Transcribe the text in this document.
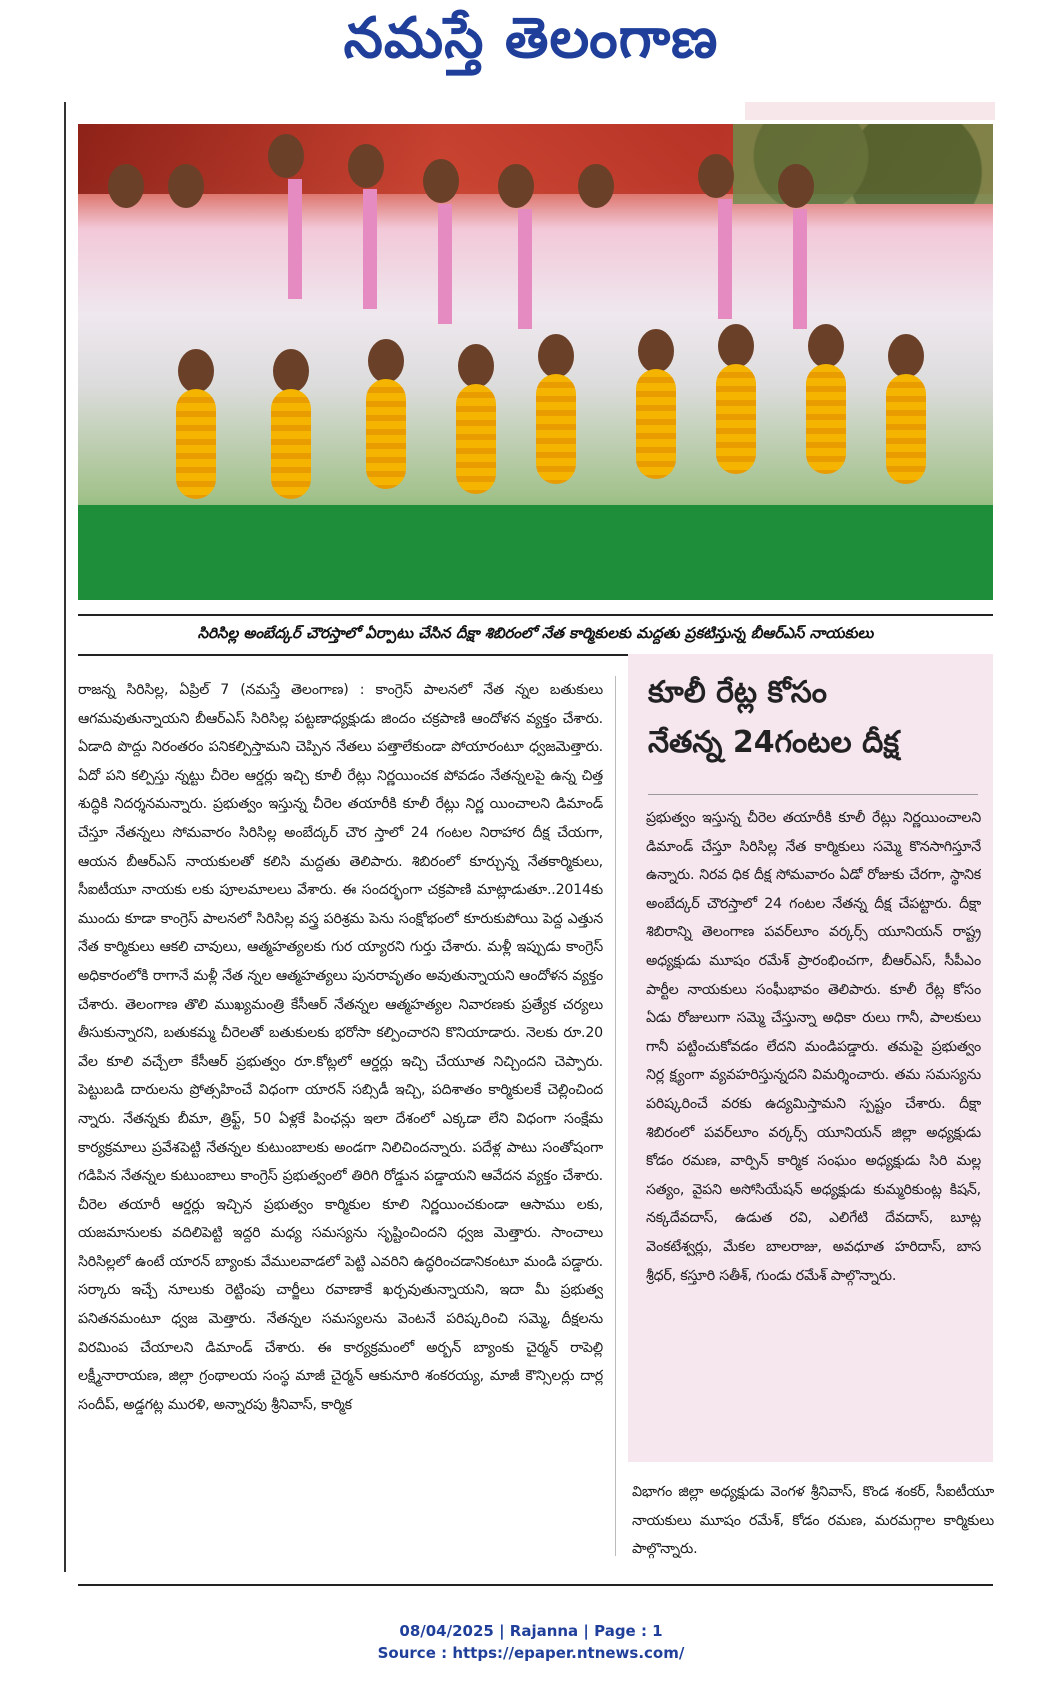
నమస్తే తెలంగాణ
సిరిసిల్ల అంబేద్కర్ చౌరస్తాలో ఏర్పాటు చేసిన దీక్షా శిబిరంలో నేత కార్మికులకు మద్దతు ప్రకటిస్తున్న బీఆర్ఎస్ నాయకులు
రాజన్న సిరిసిల్ల, ఏప్రిల్ 7 (నమస్తే తెలంగాణ) : కాంగ్రెస్ పాలనలో నేత న్నల బతుకులు ఆగమవుతున్నాయని బీఆర్ఎస్ సిరిసిల్ల పట్టణాధ్యక్షుడు జిందం చక్రపాణి ఆందోళన వ్యక్తం చేశారు. ఏడాది పొద్దు నిరంతరం పనికల్పిస్తామని చెప్పిన నేతలు పత్తాలేకుండా పోయారంటూ ధ్వజమెత్తారు. ఏదో పని కల్పిస్తు న్నట్టు చీరెల ఆర్డర్లు ఇచ్చి కూలీ రేట్లు నిర్ణయించక పోవడం నేతన్నలపై ఉన్న చిత్త శుద్ధికి నిదర్శనమన్నారు. ప్రభుత్వం ఇస్తున్న చీరెల తయారీకి కూలీ రేట్లు నిర్ణ యించాలని డిమాండ్ చేస్తూ నేతన్నలు సోమవారం సిరిసిల్ల అంబేద్కర్ చౌర స్తాలో 24 గంటల నిరాహార దీక్ష చేయగా, ఆయన బీఆర్ఎస్ నాయకులతో కలిసి మద్దతు తెలిపారు. శిబిరంలో కూర్చున్న నేతకార్మికులు, సీఐటీయూ నాయకు లకు పూలమాలలు వేశారు. ఈ సందర్భంగా చక్రపాణి మాట్లాడుతూ..2014కు ముందు కూడా కాంగ్రెస్ పాలనలో సిరిసిల్ల వస్త్ర పరిశ్రమ పెను సంక్షోభంలో కూరుకుపోయి పెద్ద ఎత్తున నేత కార్మికులు ఆకలి చావులు, ఆత్మహత్యలకు గుర య్యారని గుర్తు చేశారు. మళ్లీ ఇప్పుడు కాంగ్రెస్ అధికారంలోకి రాగానే మళ్లీ నేత న్నల ఆత్మహత్యలు పునరావృతం అవుతున్నాయని ఆందోళన వ్యక్తం చేశారు. తెలంగాణ తొలి ముఖ్యమంత్రి కేసీఆర్ నేతన్నల ఆత్మహత్యల నివారణకు ప్రత్యేక చర్యలు తీసుకున్నారని, బతుకమ్మ చీరెలతో బతుకులకు భరోసా కల్పించారని కొనియాడారు. నెలకు రూ.20 వేల కూలి వచ్చేలా కేసీఆర్ ప్రభుత్వం రూ.కోట్లలో ఆర్డర్లు ఇచ్చి చేయూత నిచ్చిందని చెప్పారు. పెట్టుబడి దారులను ప్రోత్సహించే విధంగా యారన్ సబ్సిడీ ఇచ్చి, పదిశాతం కార్మికులకే చెల్లించింద న్నారు. నేతన్నకు బీమా, త్రిఫ్ట్, 50 ఏళ్లకే పింఛన్లు ఇలా దేశంలో ఎక్కడా లేని విధంగా సంక్షేమ కార్యక్రమాలు ప్రవేశపెట్టి నేతన్నల కుటుంబాలకు అండగా నిలిచిందన్నారు. పదేళ్ల పాటు సంతోషంగా గడిపిన నేతన్నల కుటుంబాలు కాంగ్రెస్ ప్రభుత్వంలో తిరిగి రోడ్డున పడ్డాయని ఆవేదన వ్యక్తం చేశారు. చీరెల తయారీ ఆర్డర్లు ఇచ్చిన ప్రభుత్వం కార్మికుల కూలి నిర్ణయించకుండా ఆసాము లకు, యజమానులకు వదిలిపెట్టి ఇద్దరి మధ్య సమస్యను సృష్టించిందని ధ్వజ మెత్తారు. సాంచాలు సిరిసిల్లలో ఉంటే యారన్ బ్యాంకు వేములవాడలో పెట్టి ఎవరిని ఉద్ధరించడానికంటూ మండి పడ్డారు. సర్కారు ఇచ్చే నూలుకు రెట్టింపు చార్జీలు రవాణాకే ఖర్చవుతున్నాయని, ఇదా మీ ప్రభుత్వ పనితనమంటూ ధ్వజ మెత్తారు. నేతన్నల సమస్యలను వెంటనే పరిష్కరించి సమ్మె, దీక్షలను విరమింప చేయాలని డిమాండ్ చేశారు. ఈ కార్యక్రమంలో అర్బన్ బ్యాంకు చైర్మన్ రాపెల్లి లక్ష్మీనారాయణ, జిల్లా గ్రంథాలయ సంస్థ మాజీ చైర్మన్ ఆకునూరి శంకరయ్య, మాజీ కౌన్సిలర్లు దార్ల సందీప్, అడ్డగట్ల మురళి, అన్నారపు శ్రీనివాస్, కార్మిక
కూలీ రేట్ల కోసం
నేతన్న 24గంటల దీక్ష
ప్రభుత్వం ఇస్తున్న చీరెల తయారీకి కూలీ రేట్లు నిర్ణయించాలని డిమాండ్ చేస్తూ సిరిసిల్ల నేత కార్మికులు సమ్మె కొనసాగిస్తూనే ఉన్నారు. నిరవ ధిక దీక్ష సోమవారం ఏడో రోజుకు చేరగా, స్థానిక అంబేద్కర్ చౌరస్తాలో 24 గంటల నేతన్న దీక్ష చేపట్టారు. దీక్షా శిబిరాన్ని తెలంగాణ పవర్‌లూం వర్కర్స్ యూనియన్ రాష్ట్ర అధ్యక్షుడు మూషం రమేశ్ ప్రారంభించగా, బీఆర్ఎస్, సీపీఎం పార్టీల నాయకులు సంఘీభావం తెలిపారు. కూలీ రేట్ల కోసం ఏడు రోజులుగా సమ్మె చేస్తున్నా అధికా రులు గానీ, పాలకులు గానీ పట్టించుకోవడం లేదని మండిపడ్డారు. తమపై ప్రభుత్వం నిర్ల క్ష్యంగా వ్యవహరిస్తున్నదని విమర్శించారు. తమ సమస్యను పరిష్కరించే వరకు ఉద్యమిస్తామని స్పష్టం చేశారు. దీక్షా శిబిరంలో పవర్‌లూం వర్కర్స్ యూనియన్ జిల్లా అధ్యక్షుడు కోడం రమణ, వార్పిన్ కార్మిక సంఘం అధ్యక్షుడు సిరి మల్ల సత్యం, వైపని అసోసియేషన్ అధ్యక్షుడు కుమ్మరికుంట్ల కిషన్, నక్కదేవదాస్, ఉడుత రవి, ఎలిగేటి దేవదాస్, బూట్ల వెంకటేశ్వర్లు, మేకల బాలరాజు, అవధూత హరిదాస్, బాస శ్రీధర్, కస్తూరి సతీశ్, గుండు రమేశ్ పాల్గొన్నారు.
విభాగం జిల్లా అధ్యక్షుడు వెంగళ శ్రీనివాస్, కొండ శంకర్, సీఐటీయూ నాయకులు మూషం రమేశ్, కోడం రమణ, మరమగ్గాల కార్మికులు పాల్గొన్నారు.
08/04/2025 | Rajanna | Page : 1
Source : https://epaper.ntnews.com/
